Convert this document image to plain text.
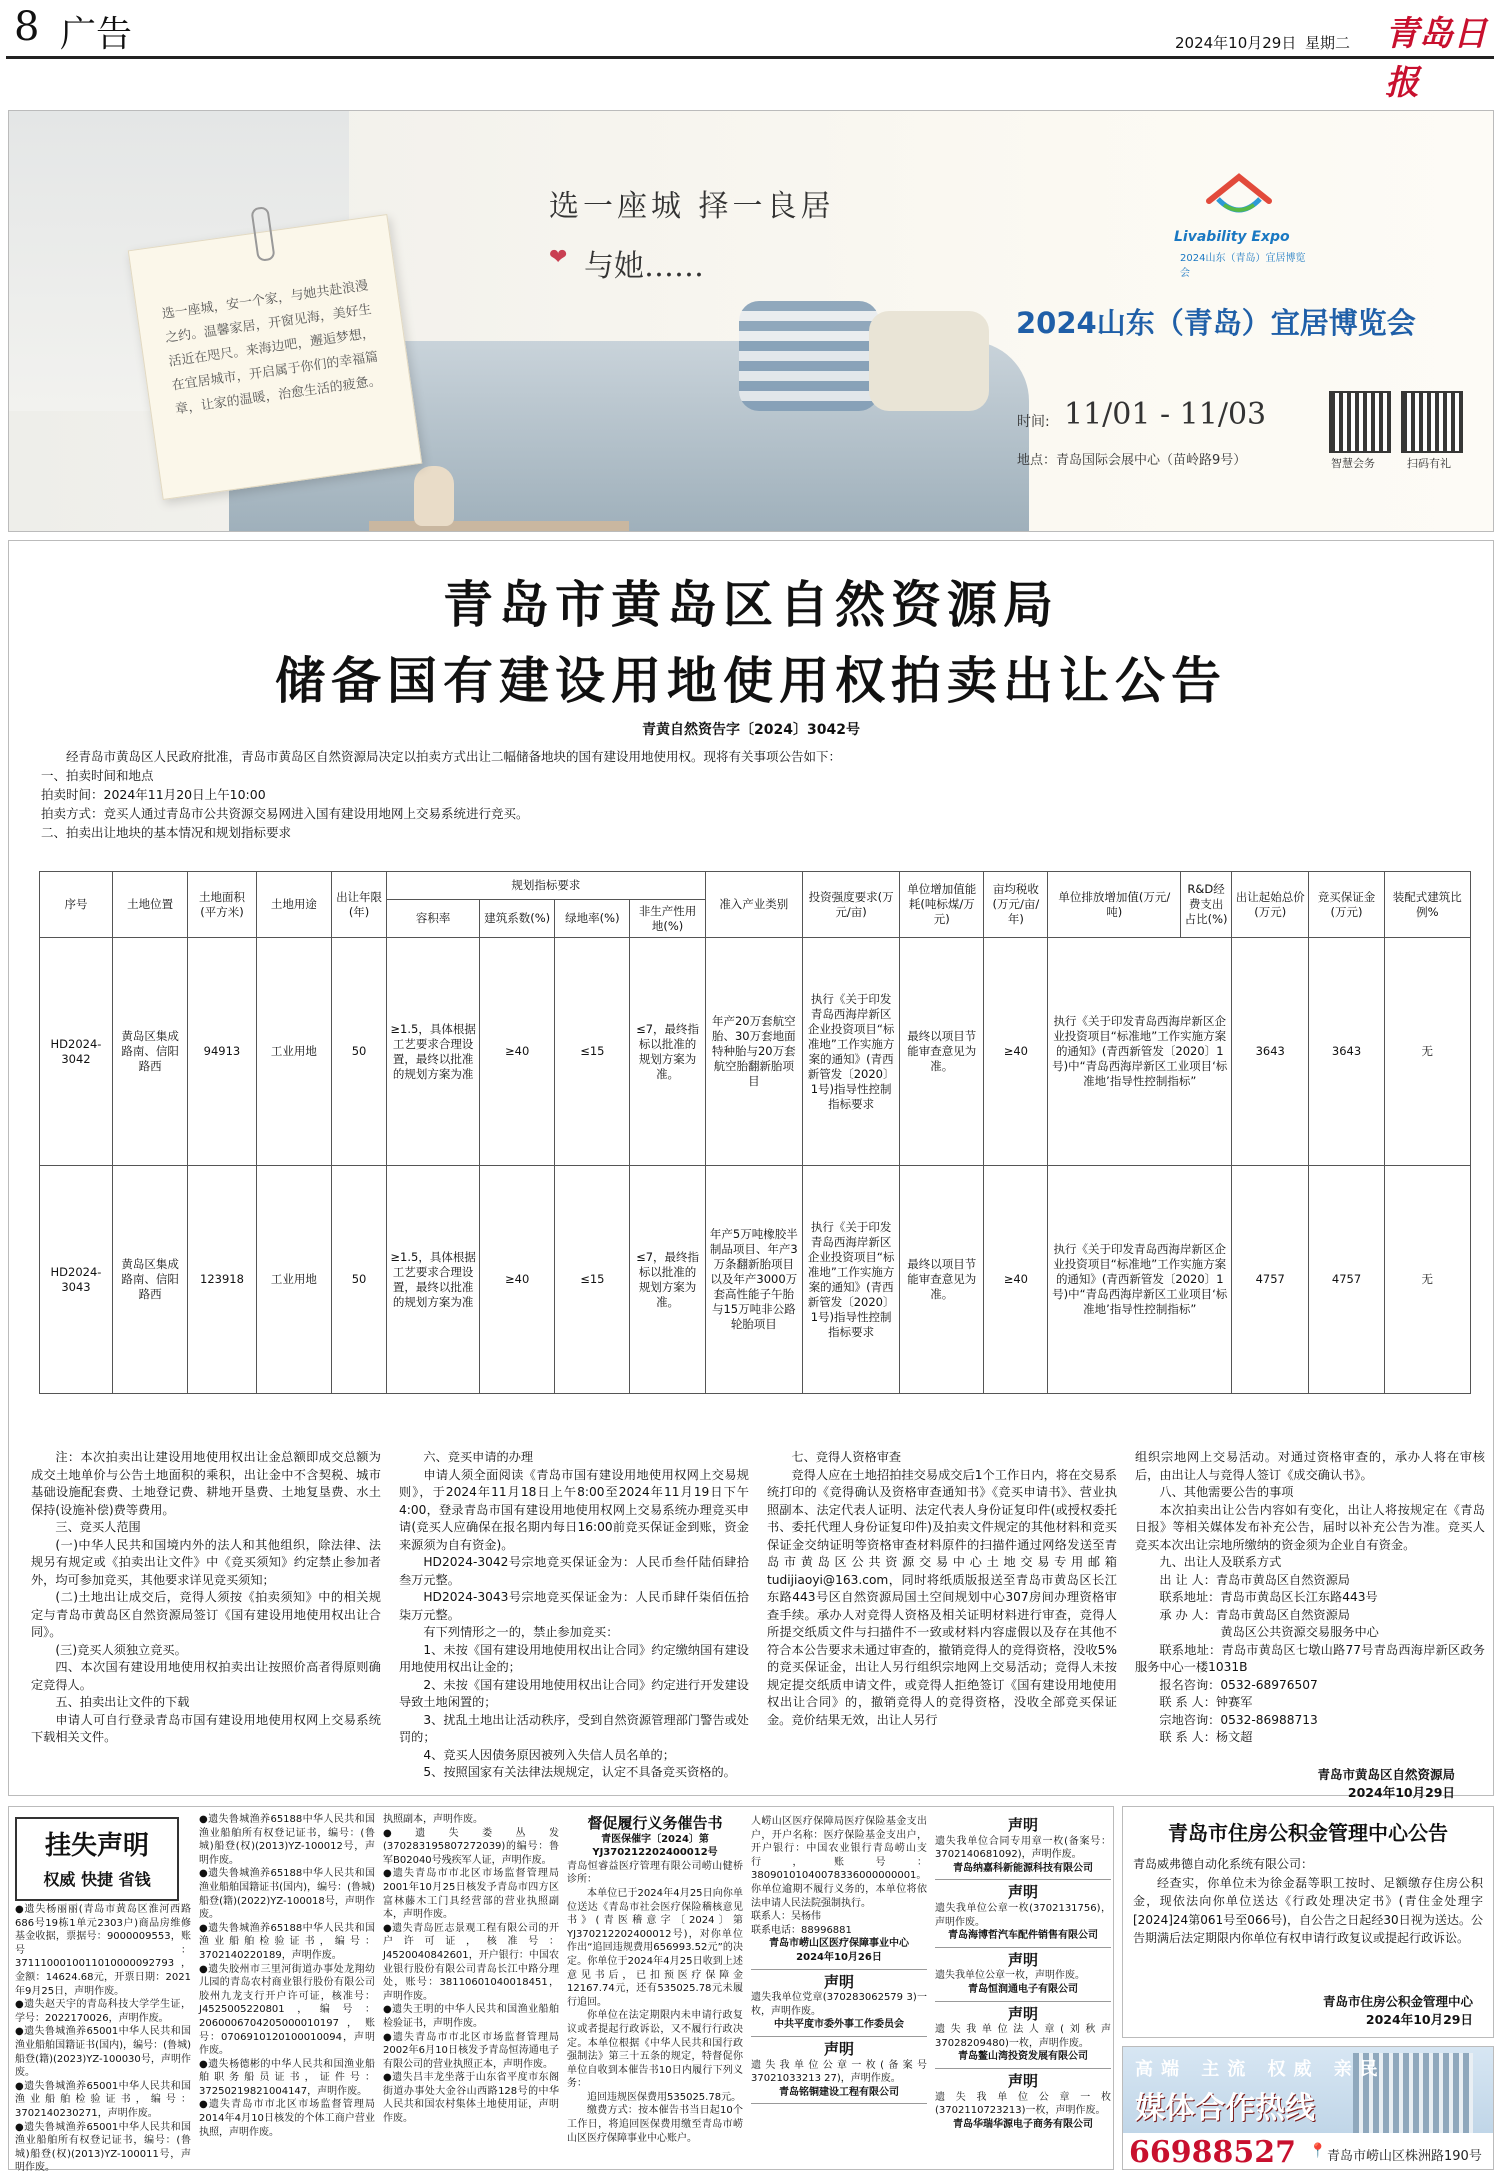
8 广告	2024年10月29日 星期二 青岛日报

选一座城，安一个家，与她共赴浪漫之约。温馨家居，开窗见海，美好生活近在咫尺。来海边吧，邂逅梦想，在宜居城市，开启属于你们的幸福篇章，让家的温暖，治愈生活的疲惫。

选一座城 择一良居
❤ 与她……
Livability Expo
2024山东（青岛）宜居博览会
2024山东（青岛）宜居博览会
时间: 11/01 - 11/03
地点：青岛国际会展中心（苗岭路9号）	智慧会务	扫码有礼
青岛市黄岛区自然资源局
储备国有建设用地使用权拍卖出让公告
青黄自然资告字〔2024〕3042号

经青岛市黄岛区人民政府批准，青岛市黄岛区自然资源局决定以拍卖方式出让二幅储备地块的国有建设用地使用权。现将有关事项公告如下：

一、拍卖时间和地点

拍卖时间：2024年11月20日上午10:00

拍卖方式：竞买人通过青岛市公共资源交易网进入国有建设用地网上交易系统进行竞买。

二、拍卖出让地块的基本情况和规划指标要求

序号	土地位置	土地面积(平方米)	土地用途	出让年限(年)	规划指标要求				准入产业类别	投资强度要求(万元/亩)	单位增加值能耗(吨标煤/万元)	亩均税收(万元/亩/年)	单位排放增加值(万元/吨)	R&D经费支出占比(%)	出让起始总价(万元)	竞买保证金(万元)	装配式建筑比例%
					容积率	建筑系数(%)	绿地率(%)	非生产性用地(%)									
HD2024-3042	黄岛区集成路南、信阳路西	94913	工业用地	50	≥1.5，具体根据工艺要求合理设置，最终以批准的规划方案为准	≥40	≤15	≤7，最终指标以批准的规划方案为准。	年产20万套航空胎、30万套地面特种胎与20万套航空胎翻新胎项目	执行《关于印发青岛西海岸新区企业投资项目“标准地”工作实施方案的通知》(青西新管发〔2020〕1号)指导性控制指标要求	最终以项目节能审查意见为准。	≥40	执行《关于印发青岛西海岸新区企业投资项目“标准地”工作实施方案的通知》(青西新管发〔2020〕1号)中“青岛西海岸新区工业项目‘标准地’指导性控制指标”		3643	3643	无
HD2024-3043	黄岛区集成路南、信阳路西	123918	工业用地	50	≥1.5，具体根据工艺要求合理设置，最终以批准的规划方案为准	≥40	≤15	≤7，最终指标以批准的规划方案为准。	年产5万吨橡胶半制品项目、年产3万条翻新胎项目以及年产3000万套高性能子午胎与15万吨非公路轮胎项目	执行《关于印发青岛西海岸新区企业投资项目“标准地”工作实施方案的通知》(青西新管发〔2020〕1号)指导性控制指标要求	最终以项目节能审查意见为准。	≥40	执行《关于印发青岛西海岸新区企业投资项目“标准地”工作实施方案的通知》(青西新管发〔2020〕1号)中“青岛西海岸新区工业项目‘标准地’指导性控制指标”		4757	4757	无

注：本次拍卖出让建设用地使用权出让金总额即成交总额为成交土地单价与公告土地面积的乘积，出让金中不含契税、城市基础设施配套费、土地登记费、耕地开垦费、土地复垦费、水土保持(设施补偿)费等费用。

三、竞买人范围

(一)中华人民共和国境内外的法人和其他组织，除法律、法规另有规定或《拍卖出让文件》中《竞买须知》约定禁止参加者外，均可参加竞买，其他要求详见竞买须知；

(二)土地出让成交后，竞得人须按《拍卖须知》中的相关规定与青岛市黄岛区自然资源局签订《国有建设用地使用权出让合同》。

(三)竞买人须独立竞买。

四、本次国有建设用地使用权拍卖出让按照价高者得原则确定竞得人。

五、拍卖出让文件的下载

申请人可自行登录青岛市国有建设用地使用权网上交易系统下载相关文件。

六、竞买申请的办理

申请人须全面阅读《青岛市国有建设用地使用权网上交易规则》，于2024年11月18日上午8:00至2024年11月19日下午4:00，登录青岛市国有建设用地使用权网上交易系统办理竞买申请(竞买人应确保在报名期内每日16:00前竞买保证金到账，资金来源须为自有资金)。

HD2024-3042号宗地竞买保证金为：人民币叁仟陆佰肆拾叁万元整。

HD2024-3043号宗地竞买保证金为：人民币肆仟柒佰伍拾柒万元整。

有下列情形之一的，禁止参加竞买：

1、未按《国有建设用地使用权出让合同》约定缴纳国有建设用地使用权出让金的；

2、未按《国有建设用地使用权出让合同》约定进行开发建设导致土地闲置的；

3、扰乱土地出让活动秩序，受到自然资源管理部门警告或处罚的；

4、竞买人因债务原因被列入失信人员名单的；

5、按照国家有关法律法规规定，认定不具备竞买资格的。

七、竞得人资格审查

竞得人应在土地招拍挂交易成交后1个工作日内，将在交易系统打印的《竞得确认及资格审查通知书》《竞买申请书》、营业执照副本、法定代表人证明、法定代表人身份证复印件(或授权委托书、委托代理人身份证复印件)及拍卖文件规定的其他材料和竞买保证金交纳证明等资格审查材料原件的扫描件通过网络发送至青岛市黄岛区公共资源交易中心土地交易专用邮箱tudijiaoyi@163.com，同时将纸质版报送至青岛市黄岛区长江东路443号区自然资源局国土空间规划中心307房间办理资格审查手续。承办人对竞得人资格及相关证明材料进行审查，竞得人所提交纸质文件与扫描件不一致或材料内容虚假以及存在其他不符合本公告要求未通过审查的，撤销竞得人的竞得资格，没收5%的竞买保证金，出让人另行组织宗地网上交易活动；竞得人未按规定提交纸质申请文件，或竞得人拒绝签订《国有建设用地使用权出让合同》的，撤销竞得人的竞得资格，没收全部竞买保证金。竞价结果无效，出让人另行

组织宗地网上交易活动。对通过资格审查的，承办人将在审核后，由出让人与竞得人签订《成交确认书》。

八、其他需要公告的事项

本次拍卖出让公告内容如有变化，出让人将按规定在《青岛日报》等相关媒体发布补充公告，届时以补充公告为准。竞买人竞买本次出让宗地所缴纳的资金须为企业自有资金。

九、出让人及联系方式

出 让 人：青岛市黄岛区自然资源局

联系地址：青岛市黄岛区长江东路443号

承 办 人：青岛市黄岛区自然资源局

黄岛区公共资源交易服务中心

联系地址：青岛市黄岛区七墩山路77号青岛西海岸新区政务服务中心一楼1031B

报名咨询：0532-68976507

联 系 人：钟赛军

宗地咨询：0532-86988713

联 系 人：杨文超

青岛市黄岛区自然资源局
2024年10月29日
挂失声明
权威 快捷 省钱

●遗失杨丽丽(青岛市黄岛区淮河西路686号19栋1单元2303户)商品房维修基金收据，票据号：9000009553，账号：3711100010011010000092793，金额：14624.68元，开票日期：2021年9月25日，声明作废。

●遗失赵天宇的青岛科技大学学生证，学号：2022170026，声明作废。

●遗失鲁城渔养65001中华人民共和国渔业船舶国籍证书(国内)，编号：(鲁城)船登(籍)(2023)YZ-100030号，声明作废。

●遗失鲁城渔养65001中华人民共和国渔业船舶检验证书，编号：3702140230271，声明作废。

●遗失鲁城渔养65001中华人民共和国渔业船舶所有权登记证书，编号：(鲁城)船登(权)(2013)YZ-100011号，声明作废。

●遗失鲁城渔养65188中华人民共和国渔业船舶所有权登记证书，编号：(鲁城)船登(权)(2013)YZ-100012号，声明作废。

●遗失鲁城渔养65188中华人民共和国渔业船舶国籍证书(国内)，编号：(鲁城)船登(籍)(2022)YZ-100018号，声明作废。

●遗失鲁城渔养65188中华人民共和国渔业船舶检验证书，编号：3702140220189，声明作废。

●遗失胶州市三里河街道办事处龙翔幼儿园的青岛农村商业银行股份有限公司胶州九龙支行开户许可证，核准号：J4525005220801，编号：2060006704205000010197，账号：0706910120100010094，声明作废。

●遗失杨德彬的中华人民共和国渔业船舶职务船员证书，证件号：37250219821004147，声明作废。

●遗失青岛市市北区市场监督管理局2014年4月10日核发的个体工商户营业执照，声明作废。

执照副本，声明作废。

●遗失娄丛发(370283195807272039)的编号：鲁军B02040号残疾军人证，声明作废。

●遗失青岛市市北区市场监督管理局2001年10月25日核发予青岛市四方区富林藤木工门具经营部的营业执照副本，声明作废。

●遗失青岛匠志景观工程有限公司的开户许可证，核准号：J4520040842601，开户银行：中国农业银行股份有限公司青岛长江中路分理处，账号：38110601040018451，声明作废。

●遗失王明的中华人民共和国渔业船舶检验证书，声明作废。

●遗失青岛市市北区市场监督管理局2002年6月10日核发予青岛恒涛通电子有限公司的营业执照正本，声明作废。

●遗失吕丰龙坐落于山东省平度市东阁街道办事处大金谷山西路128号的中华人民共和国农村集体土地使用证，声明作废。

督促履行义务催告书
青医保催字〔2024〕第YJ370212202400012号

青岛恒睿益医疗管理有限公司崂山健桥诊所：

本单位已于2024年4月25日向你单位送达《青岛市社会医疗保险稽核意见书》(青医稽意字〔2024〕第YJ370212202400012号)，对你单位作出“追回违规费用656993.52元”的决定。你单位于2024年4月25日收到上述意见书后，已扣预医疗保障金12167.74元，还有535025.78元未履行追回。

你单位在法定期限内未申请行政复议或者提起行政诉讼，又不履行行政决定。本单位根据《中华人民共和国行政强制法》第三十五条的规定，特督促你单位自收到本催告书10日内履行下列义务：

追回违规医保费用535025.78元。

缴费方式：按本催告书当日起10个工作日，将追回医保费用缴至青岛市崂山区医疗保障事业中心账户。

人崂山区医疗保障局医疗保险基金支出户，开户名称：医疗保险基金支出户，开户银行：中国农业银行青岛崂山支行，账号：38090101040078336000000001。

你单位逾期不履行义务的，本单位将依法申请人民法院强制执行。

联系人：吴杨伟

联系电话：88996881

青岛市崂山区医疗保障事业中心
2024年10月26日
声明

遗失我单位党章(370283062579 3)一枚，声明作废。

中共平度市委外事工作委员会
声明

遗失我单位公章一枚(备案号37021033213 27)，声明作废。

青岛铭铜建设工程有限公司
声明

遗失我单位合同专用章一枚(备案号：3702140681092)，声明作废。

青岛纳嘉科新能源科技有限公司
声明

遗失我单位公章一枚(3702131756)，声明作废。

青岛海博哲汽车配件销售有限公司
声明

遗失我单位公章一枚，声明作废。

青岛恒润通电子有限公司
声明

遗失我单位法人章(刘秋声37028209480)一枚，声明作废。

青岛鳌山湾投资发展有限公司
声明

遗失我单位公章一枚(3702110723213)一枚，声明作废。

青岛华瑞华源电子商务有限公司
青岛市住房公积金管理中心公告

青岛威弗德自动化系统有限公司：

经查实，你单位未为徐金磊等职工按时、足额缴存住房公积金，现依法向你单位送达《行政处理决定书》(青住金处理字[2024]24第061号至066号)，自公告之日起经30日视为送达。公告期满后法定期限内你单位有权申请行政复议或提起行政诉讼。

青岛市住房公积金管理中心
2024年10月29日
高端 主流 权威 亲民
媒体合作热线
66988527 📍 青岛市崂山区株洲路190号
